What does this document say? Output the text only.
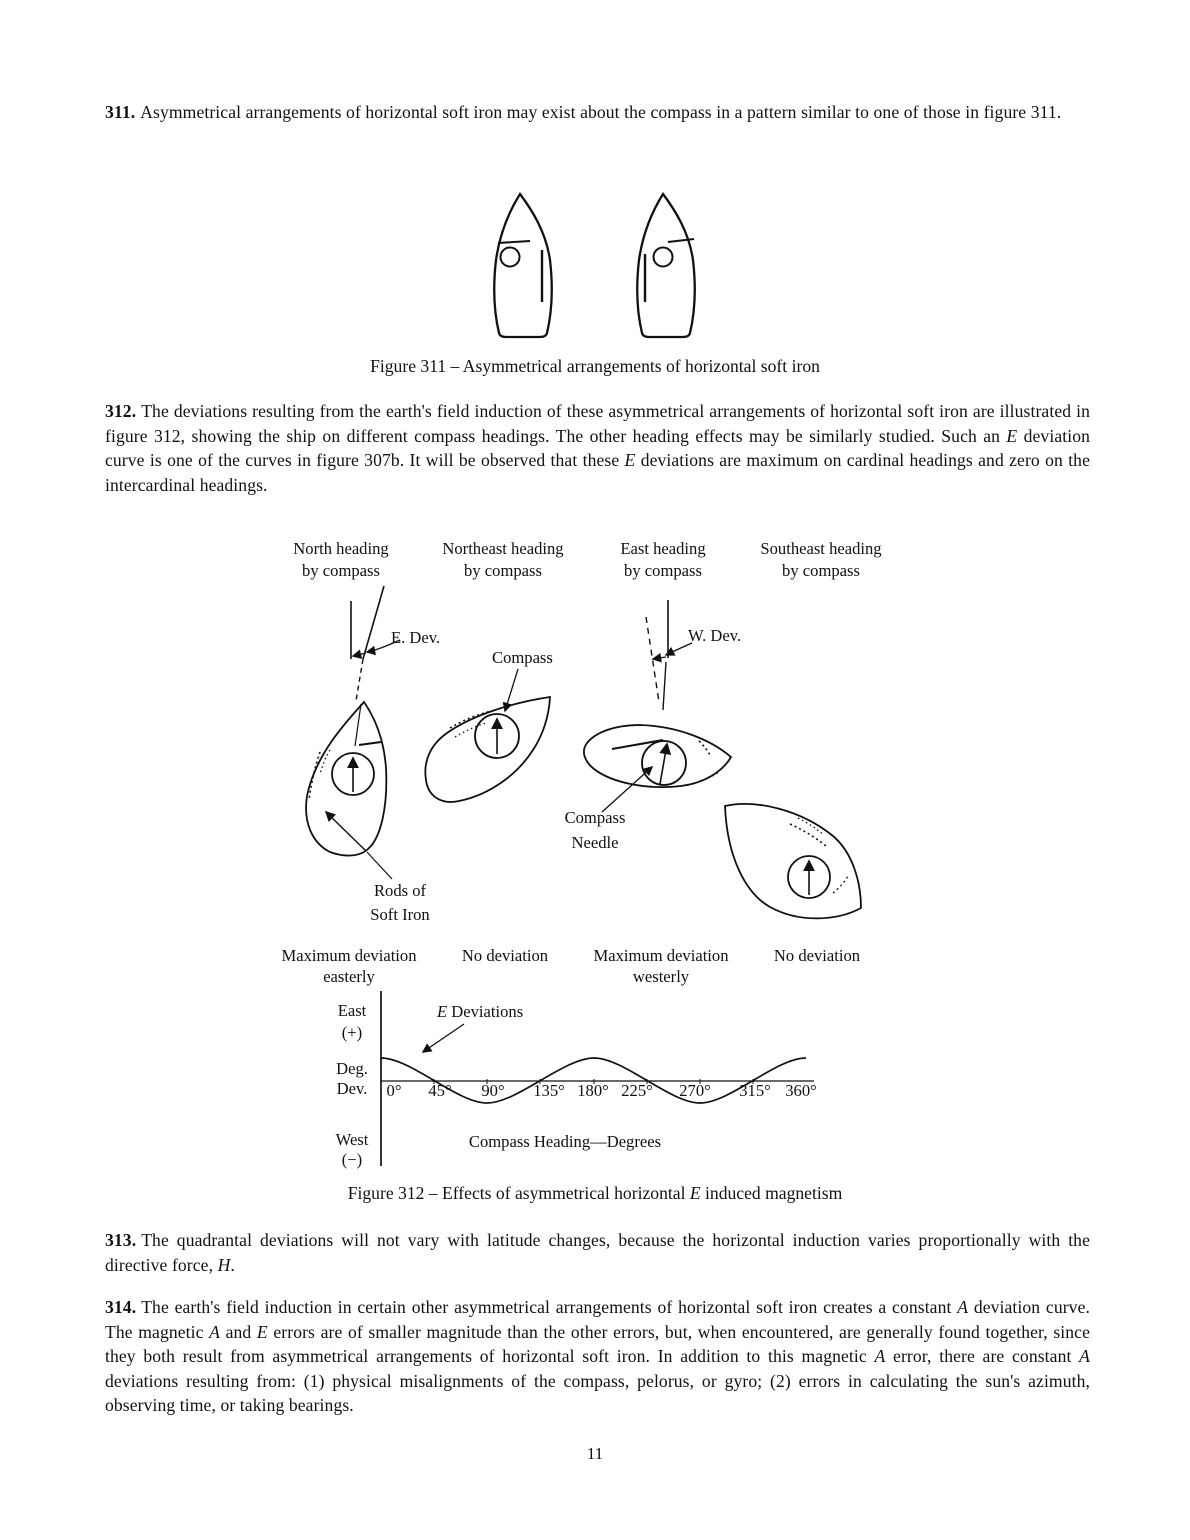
311. Asymmetrical arrangements of horizontal soft iron may exist about the compass in a pattern similar to one of those in figure 311.

Figure 311 – Asymmetrical arrangements of horizontal soft iron

312. The deviations resulting from the earth's field induction of these asymmetrical arrangements of horizontal soft iron are illustrated in figure 312, showing the ship on different compass headings. The other heading effects may be similarly studied. Such an E deviation curve is one of the curves in figure 307b. It will be observed that these E deviations are maximum on cardinal headings and zero on the intercardinal headings.

North heading
by compass
Northeast heading
by compass
East heading
by compass
Southeast heading
by compass
E. Dev.
Rods of
Soft Iron
Compass
W. Dev.
Compass
Needle
Maximum deviation
easterly
No deviation	Maximum deviation
westerly
No deviation
East
(+)
Deg.
Dev.
West
(−)
E Deviations
0° 45° 90° 135° 180° 225° 270° 315° 360°
Compass Heading—Degrees

Figure 312 – Effects of asymmetrical horizontal E induced magnetism

313. The quadrantal deviations will not vary with latitude changes, because the horizontal induction varies proportionally with the directive force, H.

314. The earth's field induction in certain other asymmetrical arrangements of horizontal soft iron creates a constant A deviation curve. The magnetic A and E errors are of smaller magnitude than the other errors, but, when encountered, are generally found together, since they both result from asymmetrical arrangements of horizontal soft iron. In addition to this magnetic A error, there are constant A deviations resulting from: (1) physical misalignments of the compass, pelorus, or gyro; (2) errors in calculating the sun's azimuth, observing time, or taking bearings.

11
